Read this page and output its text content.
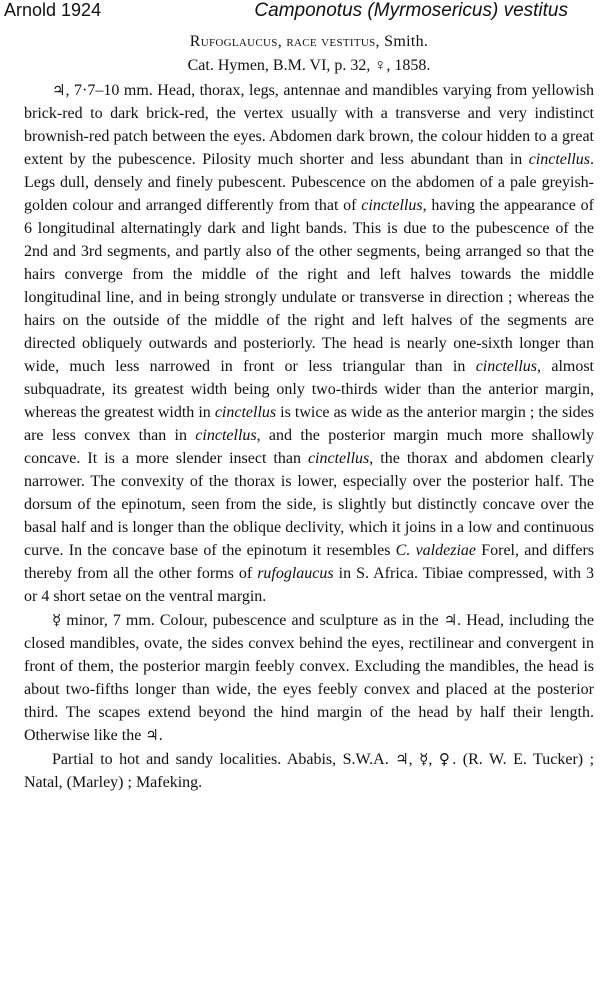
Arnold 1924	Camponotus (Myrmosericus) vestitus

Rufoglaucus, race vestitus, Smith.

Cat. Hymen, B.M. VI, p. 32, ♀, 1858.

♃, 7·7–10 mm. Head, thorax, legs, antennae and mandibles varying from yellowish brick-red to dark brick-red, the vertex usually with a transverse and very indistinct brownish-red patch between the eyes. Abdomen dark brown, the colour hidden to a great extent by the pubescence. Pilosity much shorter and less abundant than in cinctellus. Legs dull, densely and finely pubescent. Pubescence on the abdomen of a pale greyish-golden colour and arranged differently from that of cinctellus, having the appearance of 6 longitudinal alternatingly dark and light bands. This is due to the pubescence of the 2nd and 3rd segments, and partly also of the other segments, being arranged so that the hairs converge from the middle of the right and left halves towards the middle longitudinal line, and in being strongly undulate or transverse in direction ; whereas the hairs on the outside of the middle of the right and left halves of the segments are directed obliquely outwards and posteriorly. The head is nearly one-sixth longer than wide, much less narrowed in front or less triangular than in cinctellus, almost subquadrate, its greatest width being only two-thirds wider than the anterior margin, whereas the greatest width in cinctellus is twice as wide as the anterior margin ; the sides are less convex than in cinctellus, and the posterior margin much more shallowly concave. It is a more slender insect than cinctellus, the thorax and abdomen clearly narrower. The convexity of the thorax is lower, especially over the posterior half. The dorsum of the epinotum, seen from the side, is slightly but distinctly concave over the basal half and is longer than the oblique declivity, which it joins in a low and continuous curve. In the concave base of the epinotum it resembles C. valdeziae Forel, and differs thereby from all the other forms of rufoglaucus in S. Africa. Tibiae compressed, with 3 or 4 short setae on the ventral margin.

☿ minor, 7 mm. Colour, pubescence and sculpture as in the ♃. Head, including the closed mandibles, ovate, the sides convex behind the eyes, rectilinear and convergent in front of them, the posterior margin feebly convex. Excluding the mandibles, the head is about two-fifths longer than wide, the eyes feebly convex and placed at the posterior third. The scapes extend beyond the hind margin of the head by half their length. Otherwise like the ♃.

Partial to hot and sandy localities. Ababis, S.W.A. ♃, ☿, ♀. (R. W. E. Tucker) ; Natal, (Marley) ; Mafeking.
